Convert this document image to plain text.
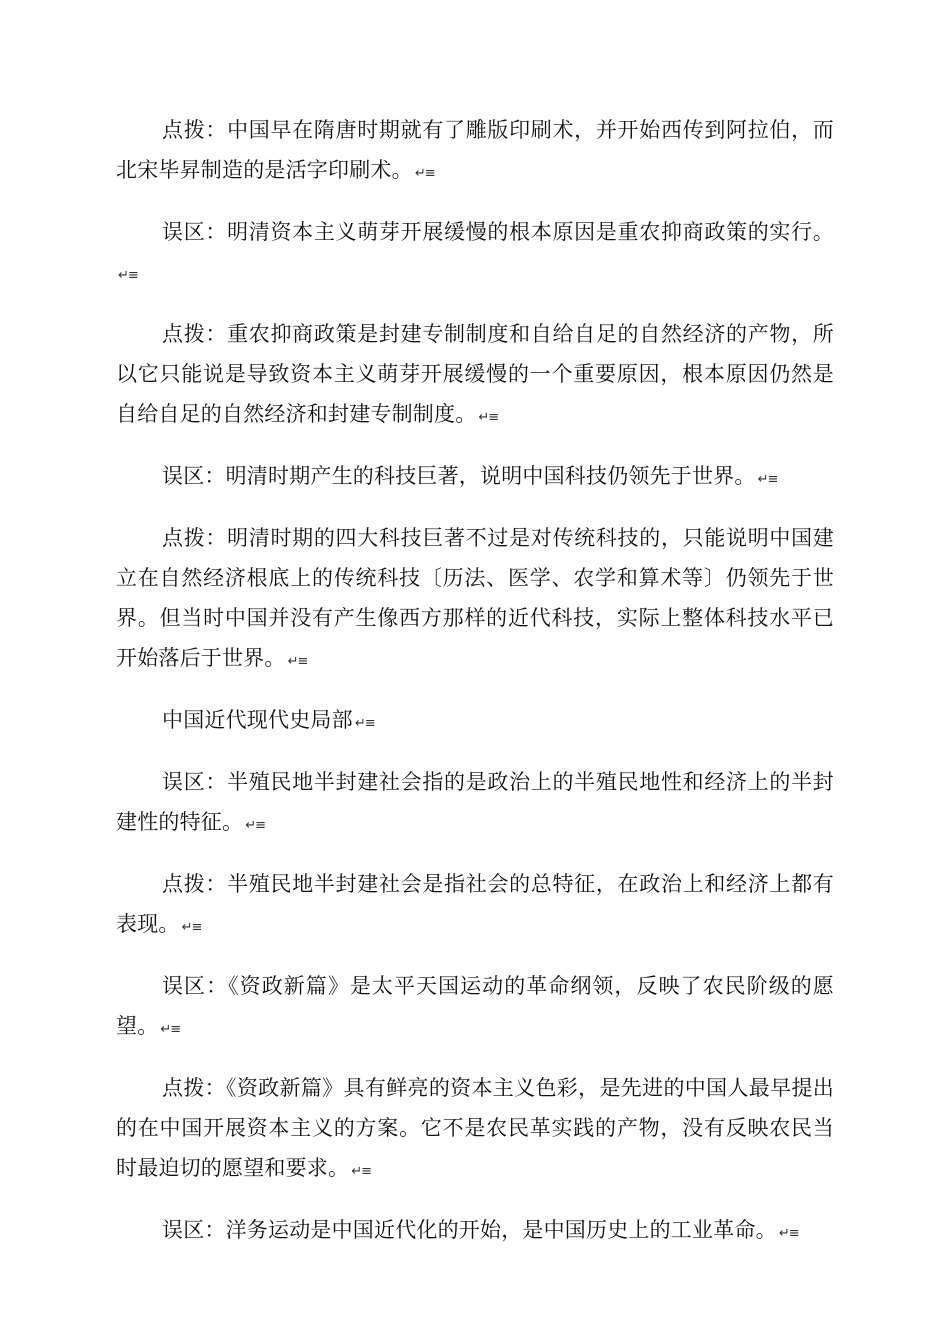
点拨：中国早在隋唐时期就有了雕版印刷术，并开始西传到阿拉伯，而北宋毕昇制造的是活字印刷术。 ↵≡

误区：明清资本主义萌芽开展缓慢的根本原因是重农抑商政策的实行。↵≡

点拨：重农抑商政策是封建专制制度和自给自足的自然经济的产物，所以它只能说是导致资本主义萌芽开展缓慢的一个重要原因，根本原因仍然是自给自足的自然经济和封建专制制度。 ↵≡

误区：明清时期产生的科技巨著，说明中国科技仍领先于世界。 ↵≡

点拨：明清时期的四大科技巨著不过是对传统科技的，只能说明中国建立在自然经济根底上的传统科技〔历法、医学、农学和算术等〕仍领先于世界。但当时中国并没有产生像西方那样的近代科技，实际上整体科技水平已开始落后于世界。 ↵≡

中国近代现代史局部 ↵≡

误区：半殖民地半封建社会指的是政治上的半殖民地性和经济上的半封建性的特征。 ↵≡

点拨：半殖民地半封建社会是指社会的总特征，在政治上和经济上都有表现。 ↵≡

误区：《资政新篇》是太平天国运动的革命纲领，反映了农民阶级的愿望。 ↵≡

点拨：《资政新篇》具有鲜亮的资本主义色彩，是先进的中国人最早提出的在中国开展资本主义的方案。它不是农民革实践的产物，没有反映农民当时最迫切的愿望和要求。 ↵≡

误区：洋务运动是中国近代化的开始，是中国历史上的工业革命。 ↵≡
